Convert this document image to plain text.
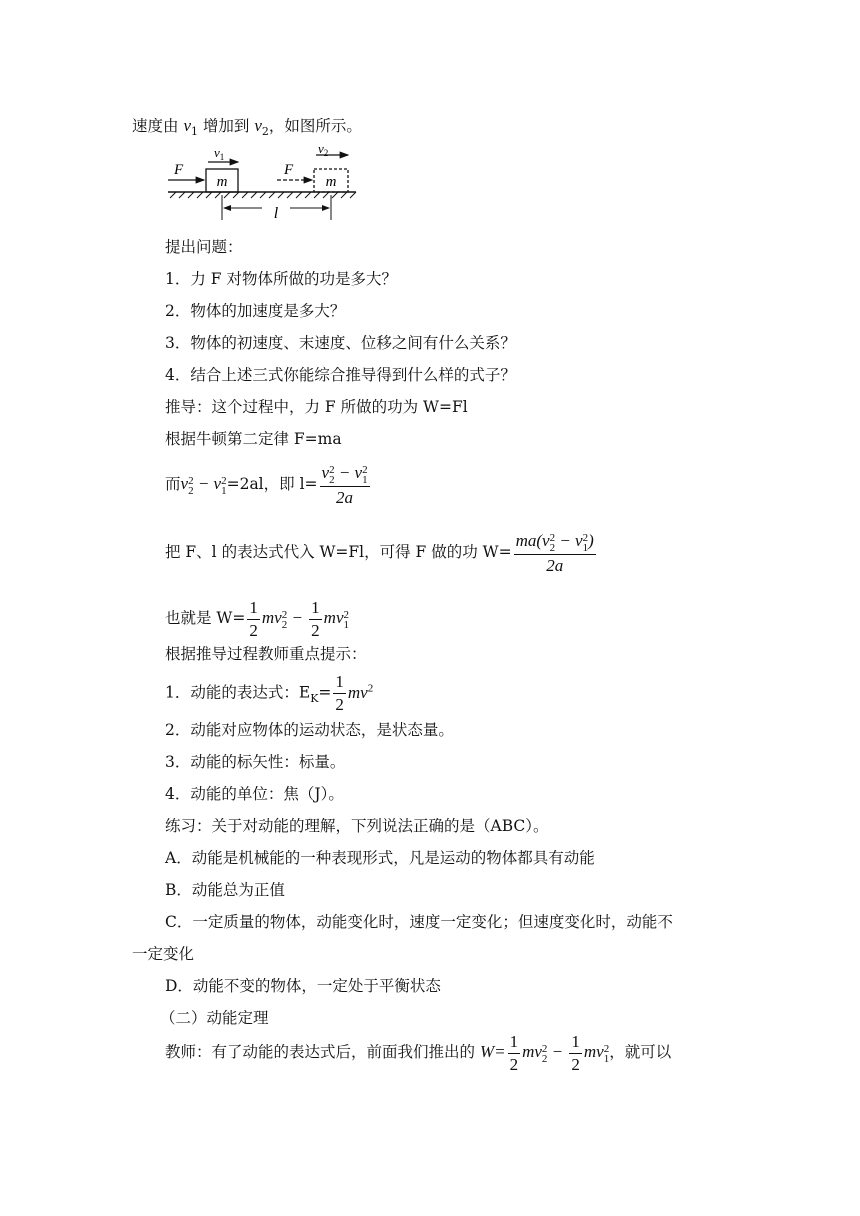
速度由 $v_1$ 增加到 $v_2$，如图所示。
m
F
$v_1$
m
F
$v_2$
l
提出问题：
1．力 F 对物体所做的功是多大？
2．物体的加速度是多大？
3．物体的初速度、末速度、位移之间有什么关系？
4．结合上述三式你能综合推导得到什么样的式子？
推导：这个过程中，力 F 所做的功为 W=Fl
根据牛顿第二定律 F=ma
而v 2
2 − v 2
1 =2al，即 l= v 2
2 − v 2
1
2a
把 F、l 的表达式代入 W=Fl，可得 F 做的功 W= ma(v 2
2 − v 2
1 )
2a
也就是 $W= \frac{1}{2}$ mv 2
$2 - \frac{1}{2}$ mv 2
1
根据推导过程教师重点提示：
1．动能的表达式：$E_K= \frac{1}{2} mv^2$
2．动能对应物体的运动状态，是状态量。
3．动能的标矢性：标量。
4．动能的单位：焦（J）。
练习：关于对动能的理解，下列说法正确的是（ABC）。
A．动能是机械能的一种表现形式，凡是运动的物体都具有动能
B．动能总为正值
C．一定质量的物体，动能变化时，速度一定变化；但速度变化时，动能不
一定变化
D．动能不变的物体，一定处于平衡状态
（二）动能定理
教师：有了动能的表达式后，前面我们推出的 $W= \frac{1}{2}$ mv 2
$2 - \frac{1}{2}$ mv 2
1 ，就可以
